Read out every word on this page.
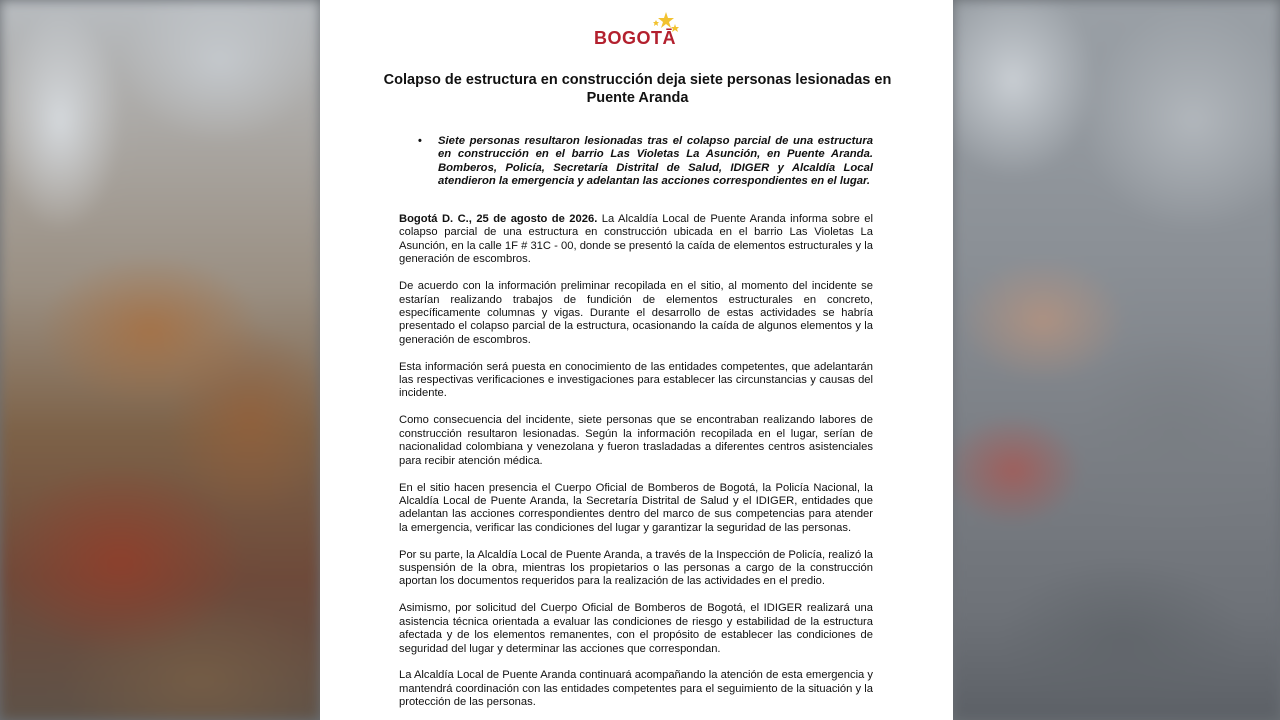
BOGOTĀ
Colapso de estructura en construcción deja siete personas lesionadas en Puente Aranda
• Siete personas resultaron lesionadas tras el colapso parcial de una estructura en construcción en el barrio Las Violetas La Asunción, en Puente Aranda. Bomberos, Policía, Secretaría Distrital de Salud, IDIGER y Alcaldía Local atendieron la emergencia y adelantan las acciones correspondientes en el lugar.

Bogotá D. C., 25 de agosto de 2026. La Alcaldía Local de Puente Aranda informa sobre el colapso parcial de una estructura en construcción ubicada en el barrio Las Violetas La Asunción, en la calle 1F # 31C - 00, donde se presentó la caída de elementos estructurales y la generación de escombros.

De acuerdo con la información preliminar recopilada en el sitio, al momento del incidente se estarían realizando trabajos de fundición de elementos estructurales en concreto, específicamente columnas y vigas. Durante el desarrollo de estas actividades se habría presentado el colapso parcial de la estructura, ocasionando la caída de algunos elementos y la generación de escombros.

Esta información será puesta en conocimiento de las entidades competentes, que adelantarán las respectivas verificaciones e investigaciones para establecer las circunstancias y causas del incidente.

Como consecuencia del incidente, siete personas que se encontraban realizando labores de construcción resultaron lesionadas. Según la información recopilada en el lugar, serían de nacionalidad colombiana y venezolana y fueron trasladadas a diferentes centros asistenciales para recibir atención médica.

En el sitio hacen presencia el Cuerpo Oficial de Bomberos de Bogotá, la Policía Nacional, la Alcaldía Local de Puente Aranda, la Secretaría Distrital de Salud y el IDIGER, entidades que adelantan las acciones correspondientes dentro del marco de sus competencias para atender la emergencia, verificar las condiciones del lugar y garantizar la seguridad de las personas.

Por su parte, la Alcaldía Local de Puente Aranda, a través de la Inspección de Policía, realizó la suspensión de la obra, mientras los propietarios o las personas a cargo de la construcción aportan los documentos requeridos para la realización de las actividades en el predio.

Asimismo, por solicitud del Cuerpo Oficial de Bomberos de Bogotá, el IDIGER realizará una asistencia técnica orientada a evaluar las condiciones de riesgo y estabilidad de la estructura afectada y de los elementos remanentes, con el propósito de establecer las condiciones de seguridad del lugar y determinar las acciones que correspondan.

La Alcaldía Local de Puente Aranda continuará acompañando la atención de esta emergencia y mantendrá coordinación con las entidades competentes para el seguimiento de la situación y la protección de las personas.
